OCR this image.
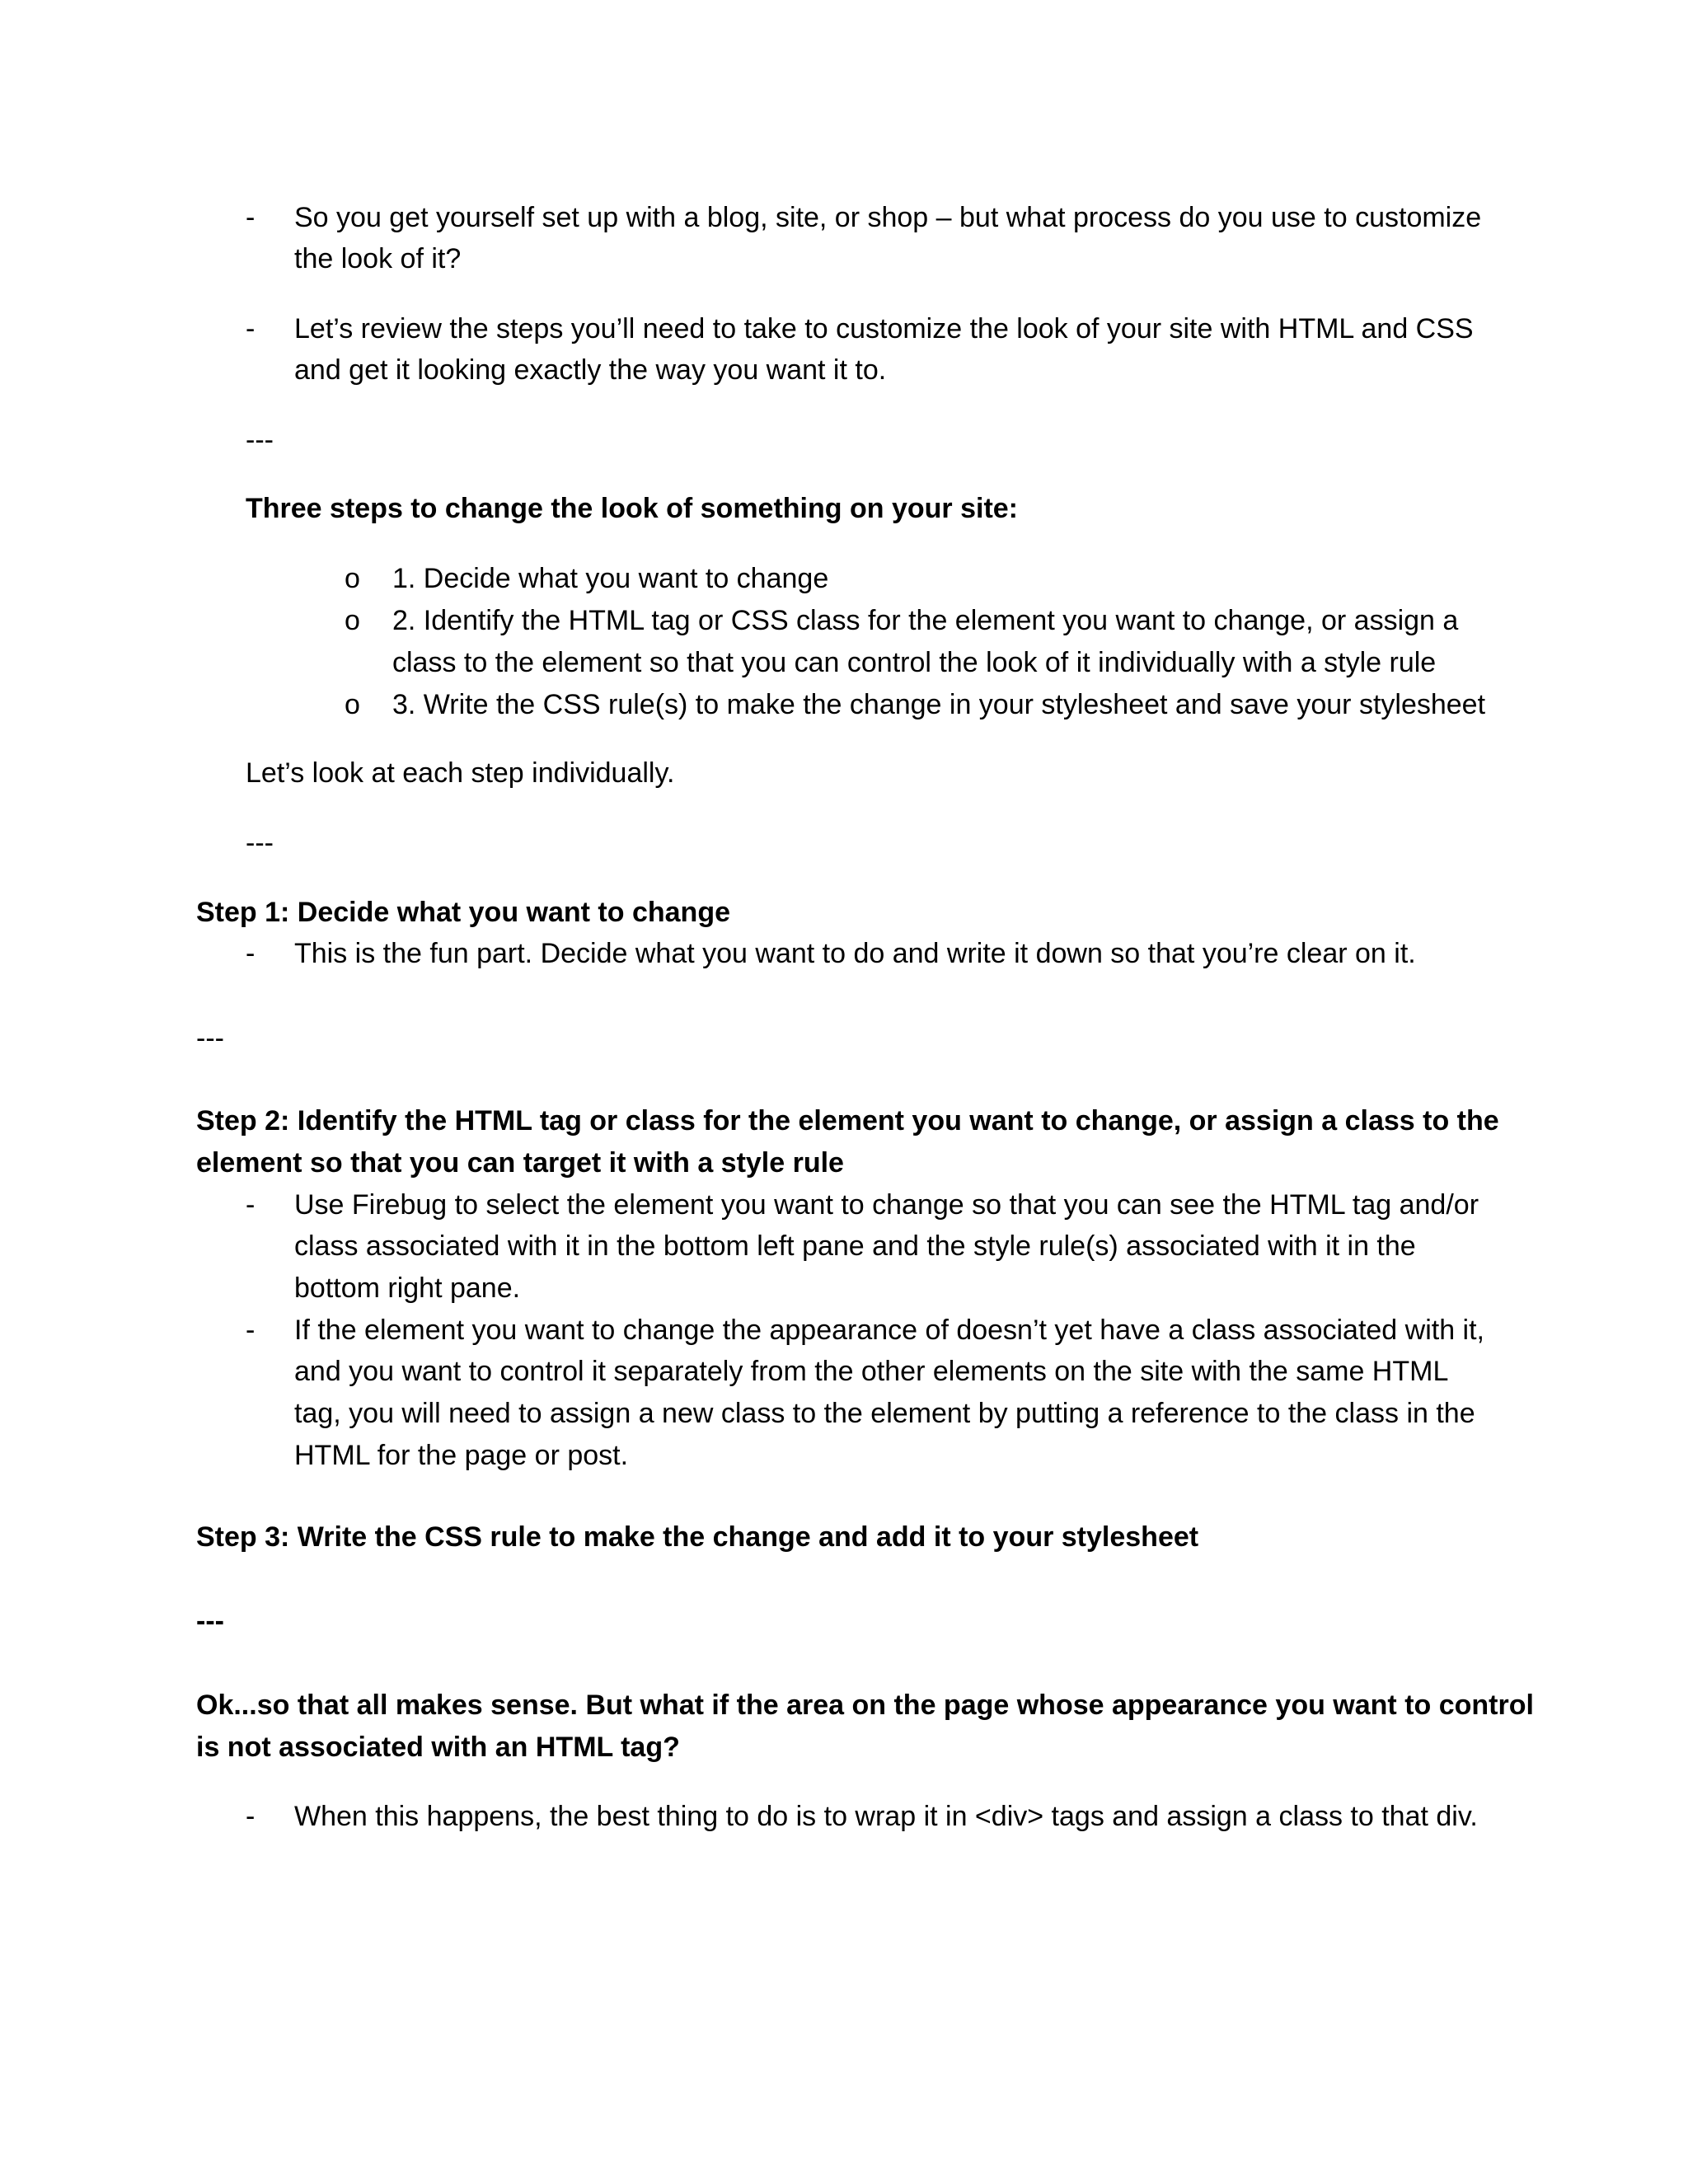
- So you get yourself set up with a blog, site, or shop – but what process do you use to customize
the look of it?
- Let’s review the steps you’ll need to take to customize the look of your site with HTML and CSS
and get it looking exactly the way you want it to.
---
Three steps to change the look of something on your site:
o 1. Decide what you want to change
o 2. Identify the HTML tag or CSS class for the element you want to change, or assign a
class to the element so that you can control the look of it individually with a style rule
o 3. Write the CSS rule(s) to make the change in your stylesheet and save your stylesheet
Let’s look at each step individually.
---
Step 1: Decide what you want to change
- This is the fun part. Decide what you want to do and write it down so that you’re clear on it.
---
Step 2: Identify the HTML tag or class for the element you want to change, or assign a class to the
element so that you can target it with a style rule
- Use Firebug to select the element you want to change so that you can see the HTML tag and/or
class associated with it in the bottom left pane and the style rule(s) associated with it in the
bottom right pane.
- If the element you want to change the appearance of doesn’t yet have a class associated with it,
and you want to control it separately from the other elements on the site with the same HTML
tag, you will need to assign a new class to the element by putting a reference to the class in the
HTML for the page or post.
Step 3: Write the CSS rule to make the change and add it to your stylesheet
---
Ok...so that all makes sense. But what if the area on the page whose appearance you want to control
is not associated with an HTML tag?
- When this happens, the best thing to do is to wrap it in <div> tags and assign a class to that div.
